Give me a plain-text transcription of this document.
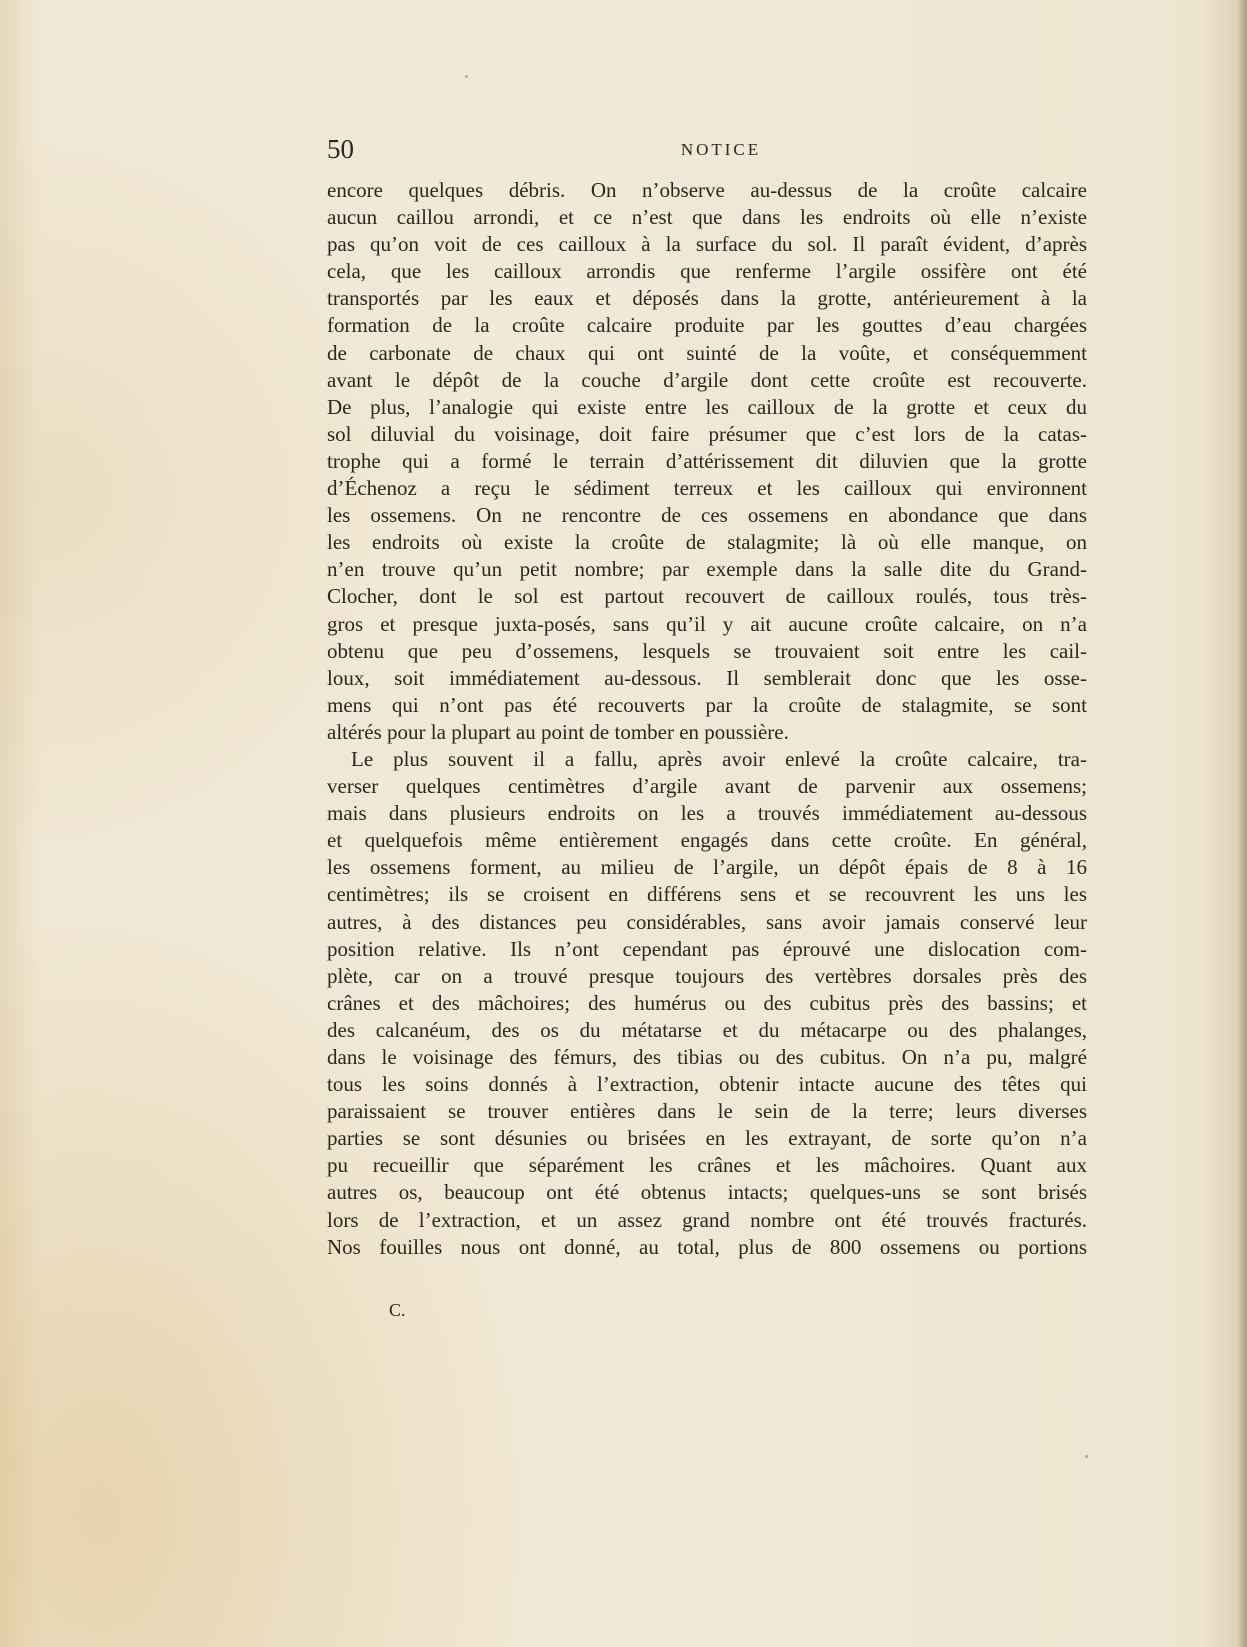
50	NOTICE
encore quelques débris. On n’observe au-dessus de la croûte calcaire
aucun caillou arrondi, et ce n’est que dans les endroits où elle n’existe
pas qu’on voit de ces cailloux à la surface du sol. Il paraît évident, d’après
cela, que les cailloux arrondis que renferme l’argile ossifère ont été
transportés par les eaux et déposés dans la grotte, antérieurement à la
formation de la croûte calcaire produite par les gouttes d’eau chargées
de carbonate de chaux qui ont suinté de la voûte, et conséquemment
avant le dépôt de la couche d’argile dont cette croûte est recouverte.
De plus, l’analogie qui existe entre les cailloux de la grotte et ceux du
sol diluvial du voisinage, doit faire présumer que c’est lors de la catas-
trophe qui a formé le terrain d’attérissement dit diluvien que la grotte
d’Échenoz a reçu le sédiment terreux et les cailloux qui environnent
les ossemens. On ne rencontre de ces ossemens en abondance que dans
les endroits où existe la croûte de stalagmite; là où elle manque, on
n’en trouve qu’un petit nombre; par exemple dans la salle dite du Grand-
Clocher, dont le sol est partout recouvert de cailloux roulés, tous très-
gros et presque juxta-posés, sans qu’il y ait aucune croûte calcaire, on n’a
obtenu que peu d’ossemens, lesquels se trouvaient soit entre les cail-
loux, soit immédiatement au-dessous. Il semblerait donc que les osse-
mens qui n’ont pas été recouverts par la croûte de stalagmite, se sont
altérés pour la plupart au point de tomber en poussière.
Le plus souvent il a fallu, après avoir enlevé la croûte calcaire, tra-
verser quelques centimètres d’argile avant de parvenir aux ossemens;
mais dans plusieurs endroits on les a trouvés immédiatement au-dessous
et quelquefois même entièrement engagés dans cette croûte. En général,
les ossemens forment, au milieu de l’argile, un dépôt épais de 8 à 16
centimètres; ils se croisent en différens sens et se recouvrent les uns les
autres, à des distances peu considérables, sans avoir jamais conservé leur
position relative. Ils n’ont cependant pas éprouvé une dislocation com-
plète, car on a trouvé presque toujours des vertèbres dorsales près des
crânes et des mâchoires; des humérus ou des cubitus près des bassins; et
des calcanéum, des os du métatarse et du métacarpe ou des phalanges,
dans le voisinage des fémurs, des tibias ou des cubitus. On n’a pu, malgré
tous les soins donnés à l’extraction, obtenir intacte aucune des têtes qui
paraissaient se trouver entières dans le sein de la terre; leurs diverses
parties se sont désunies ou brisées en les extrayant, de sorte qu’on n’a
pu recueillir que séparément les crânes et les mâchoires. Quant aux
autres os, beaucoup ont été obtenus intacts; quelques-uns se sont brisés
lors de l’extraction, et un assez grand nombre ont été trouvés fracturés.
Nos fouilles nous ont donné, au total, plus de 800 ossemens ou portions
C.
